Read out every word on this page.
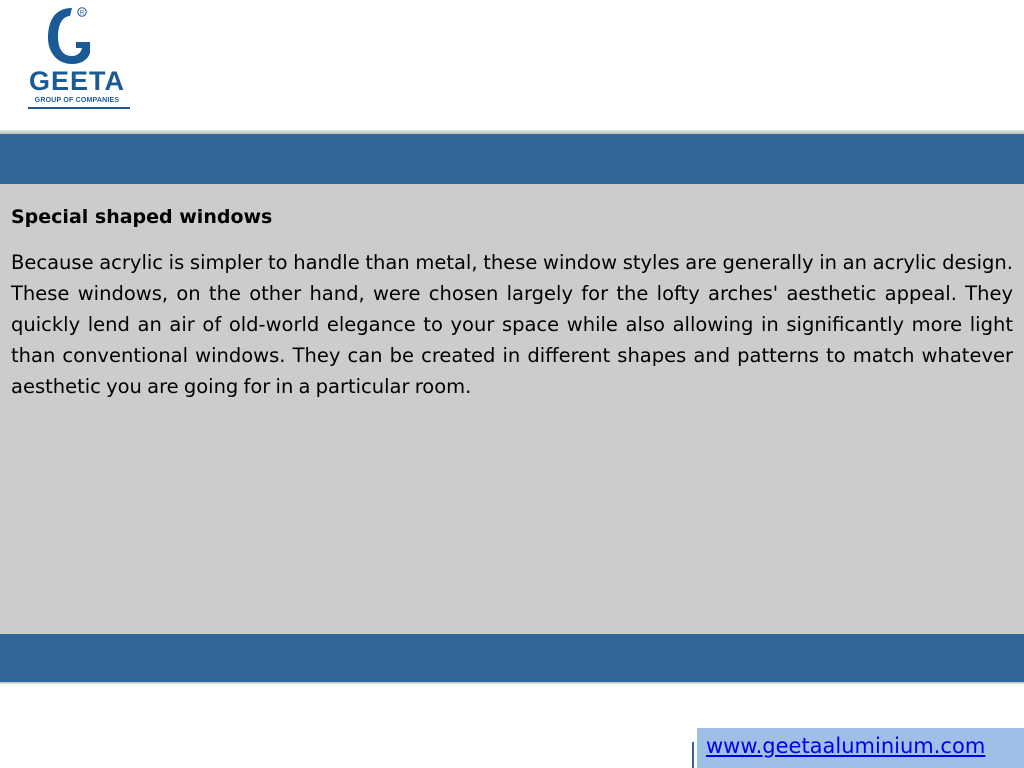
R
GEETA
GROUP OF COMPANIES

Special shaped windows

Because acrylic is simpler to handle than metal, these window styles are generally in an acrylic design. These windows, on the other hand, were chosen largely for the lofty arches' aesthetic appeal. They quickly lend an air of old-world elegance to your space while also allowing in significantly more light than conventional windows. They can be created in different shapes and patterns to match whatever aesthetic you are going for in a particular room.

www.geetaaluminium.com
